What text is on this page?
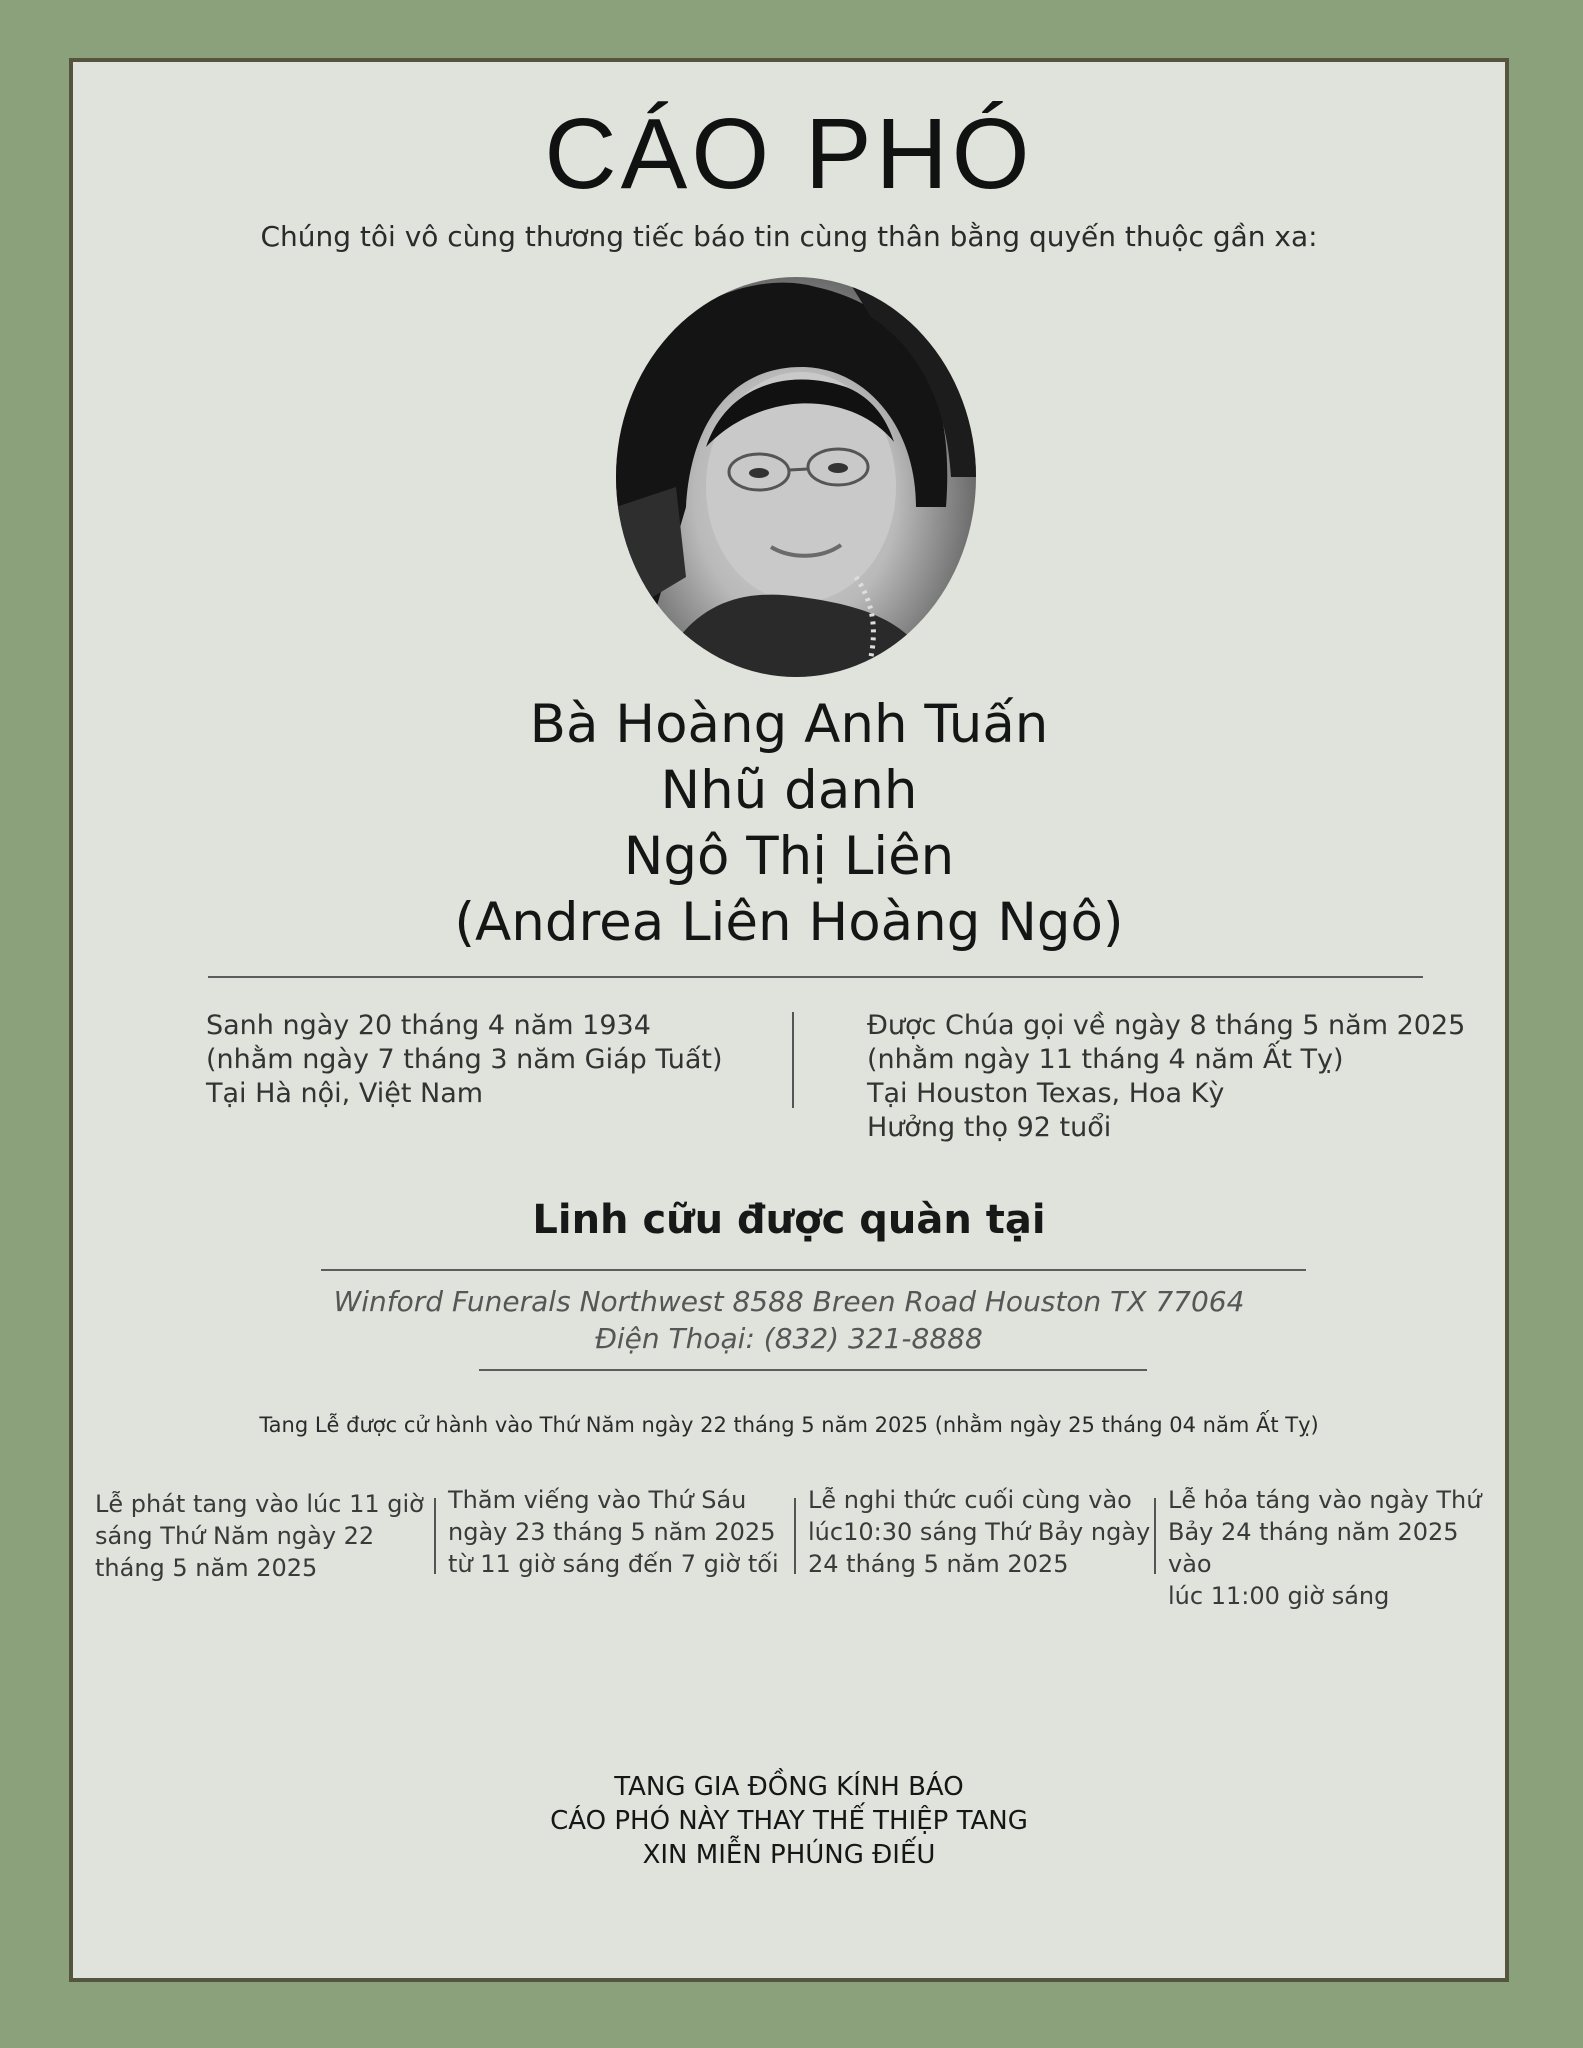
CÁO PHÓ
Chúng tôi vô cùng thương tiếc báo tin cùng thân bằng quyến thuộc gần xa:
Bà Hoàng Anh Tuấn
Nhũ danh
Ngô Thị Liên
(Andrea Liên Hoàng Ngô)
Sanh ngày 20 tháng 4 năm 1934
(nhằm ngày 7 tháng 3 năm Giáp Tuất)
Tại Hà nội, Việt Nam
Được Chúa gọi về ngày 8 tháng 5 năm 2025
(nhằm ngày 11 tháng 4 năm Ất Tỵ)
Tại Houston Texas, Hoa Kỳ
Hưởng thọ 92 tuổi
Linh cữu được quàn tại
Winford Funerals Northwest 8588 Breen Road Houston TX 77064
Điện Thoại: (832) 321-8888
Tang Lễ được cử hành vào Thứ Năm ngày 22 tháng 5 năm 2025 (nhằm ngày 25 tháng 04 năm Ất Tỵ)
Lễ phát tang vào lúc 11 giờ
sáng Thứ Năm ngày 22
tháng 5 năm 2025
Thăm viếng vào Thứ Sáu
ngày 23 tháng 5 năm 2025
từ 11 giờ sáng đến 7 giờ tối
Lễ nghi thức cuối cùng vào
lúc10:30 sáng Thứ Bảy ngày
24 tháng 5 năm 2025
Lễ hỏa táng vào ngày Thứ
Bảy 24 tháng năm 2025 vào
lúc 11:00 giờ sáng
TANG GIA ĐỒNG KÍNH BÁO
CÁO PHÓ NÀY THAY THẾ THIỆP TANG
XIN MIỄN PHÚNG ĐIẾU
